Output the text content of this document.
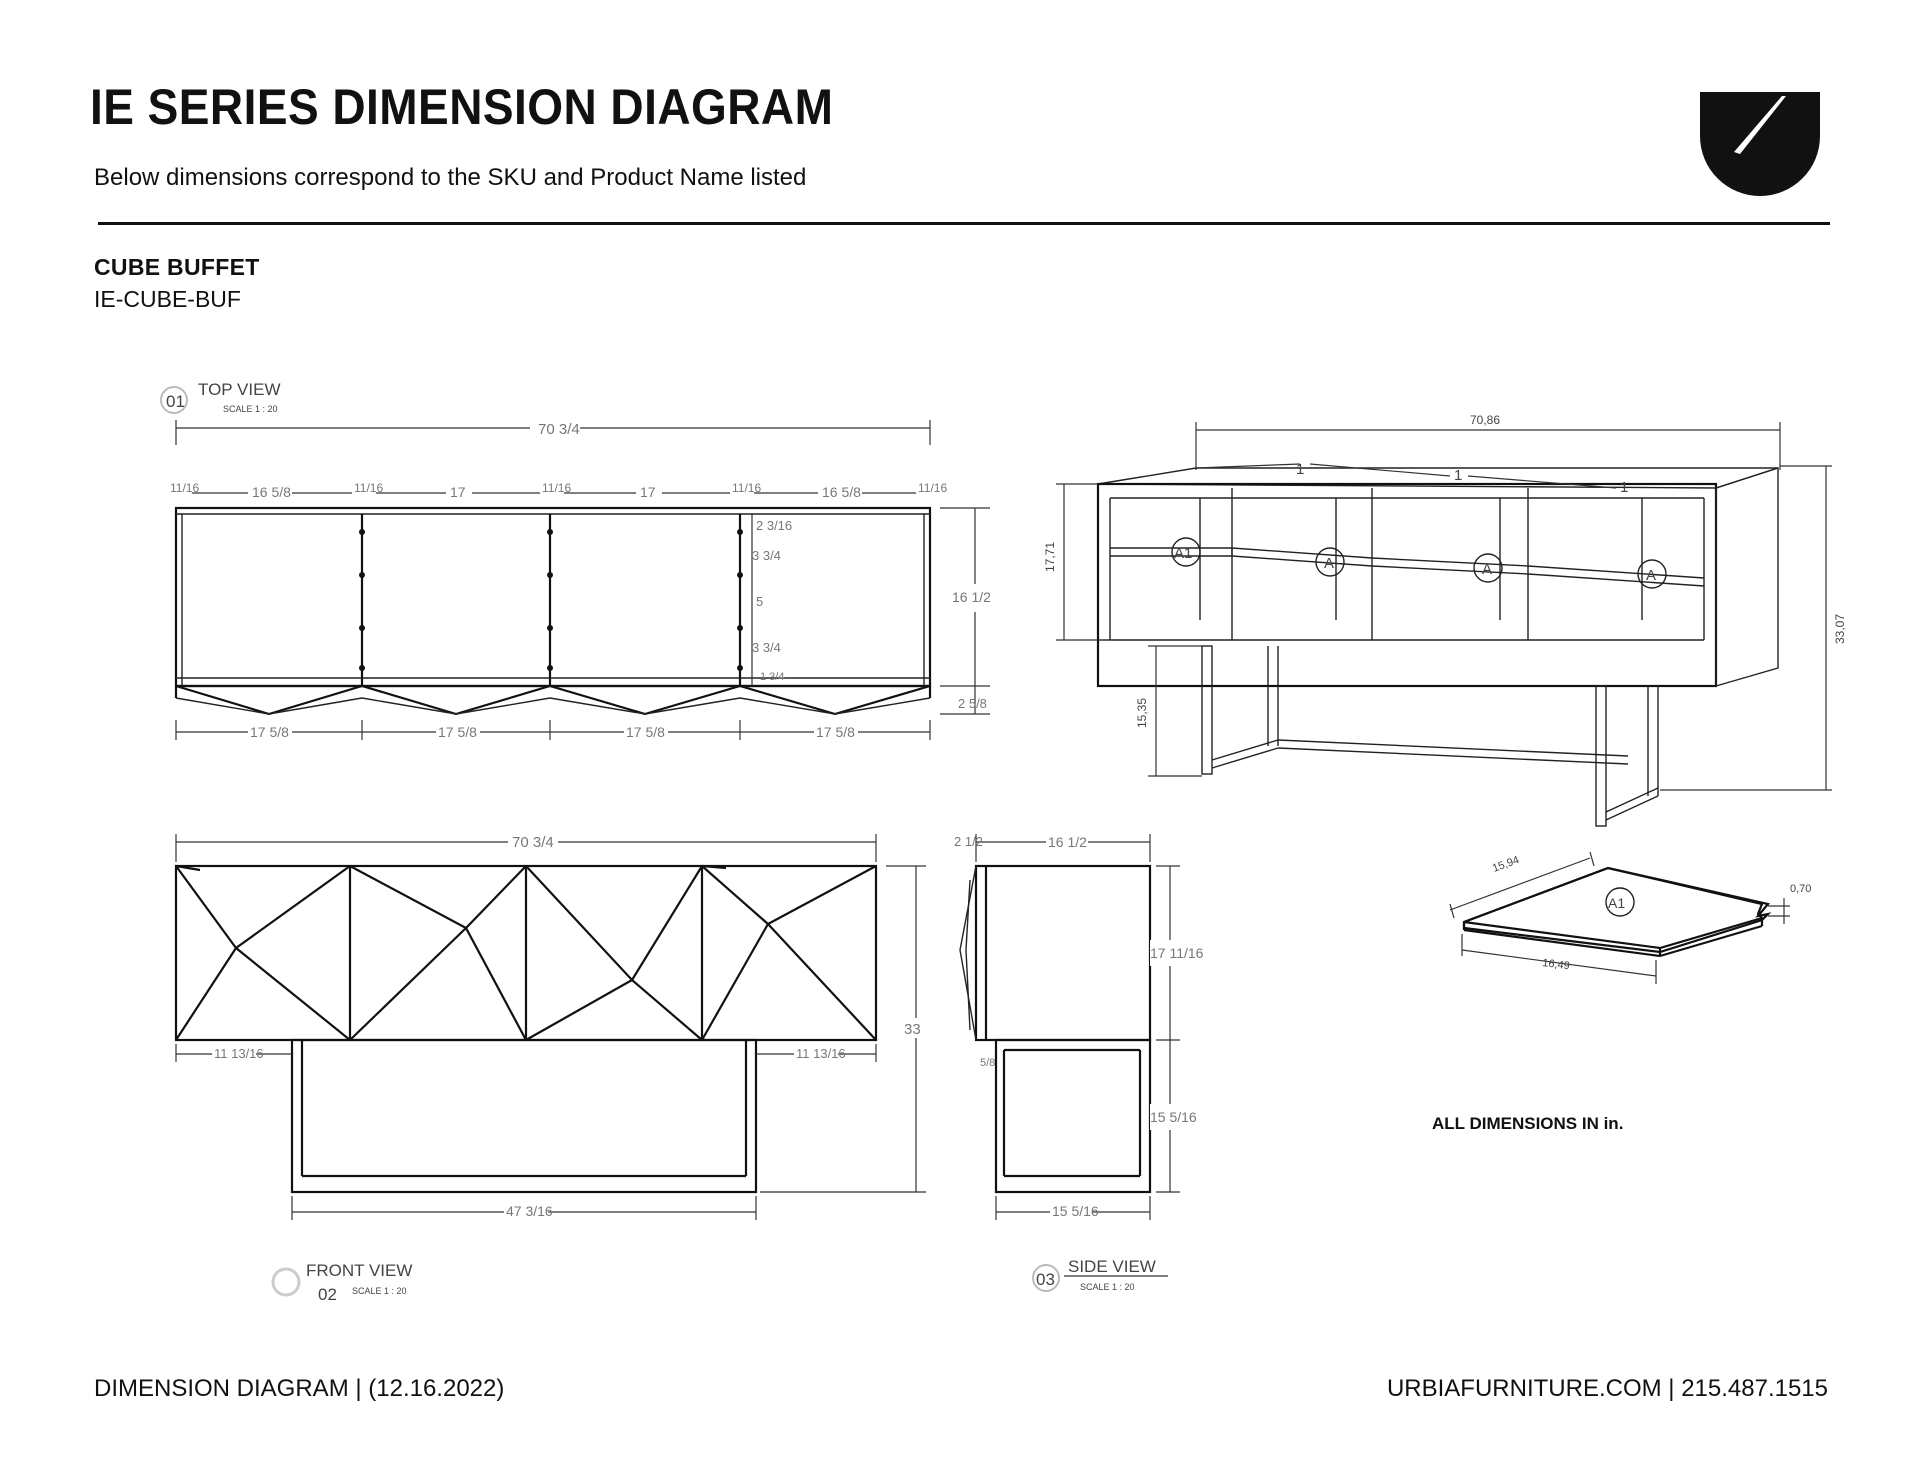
IE SERIES DIMENSION DIAGRAM
Below dimensions correspond to the SKU and Product Name listed
CUBE BUFFET
IE-CUBE-BUF
01
TOP VIEW
SCALE 1 : 20
70 3/4
11/16	16 5/8	11/16	17	11/16	17	11/16	16 5/8	11/16
2 3/16
3 3/4
5
3 3/4
1 3/4
16 1/2
2 5/8
17 5/8	17 5/8	17 5/8	17 5/8
70,86
1	1
1
A1
A	A	A
17,71
15,35
33,07
15,94
16,49
0,70
A1
70 3/4
11 13/16	11 13/16
33
47 3/16
FRONT VIEW
02 SCALE 1 : 20
2 1/2	16 1/2
5/8
17 11/16
15 5/16
15 5/16
03
SIDE VIEW
SCALE 1 : 20
ALL DIMENSIONS IN in.
DIMENSION DIAGRAM | (12.16.2022)	URBIAFURNITURE.COM | 215.487.1515
